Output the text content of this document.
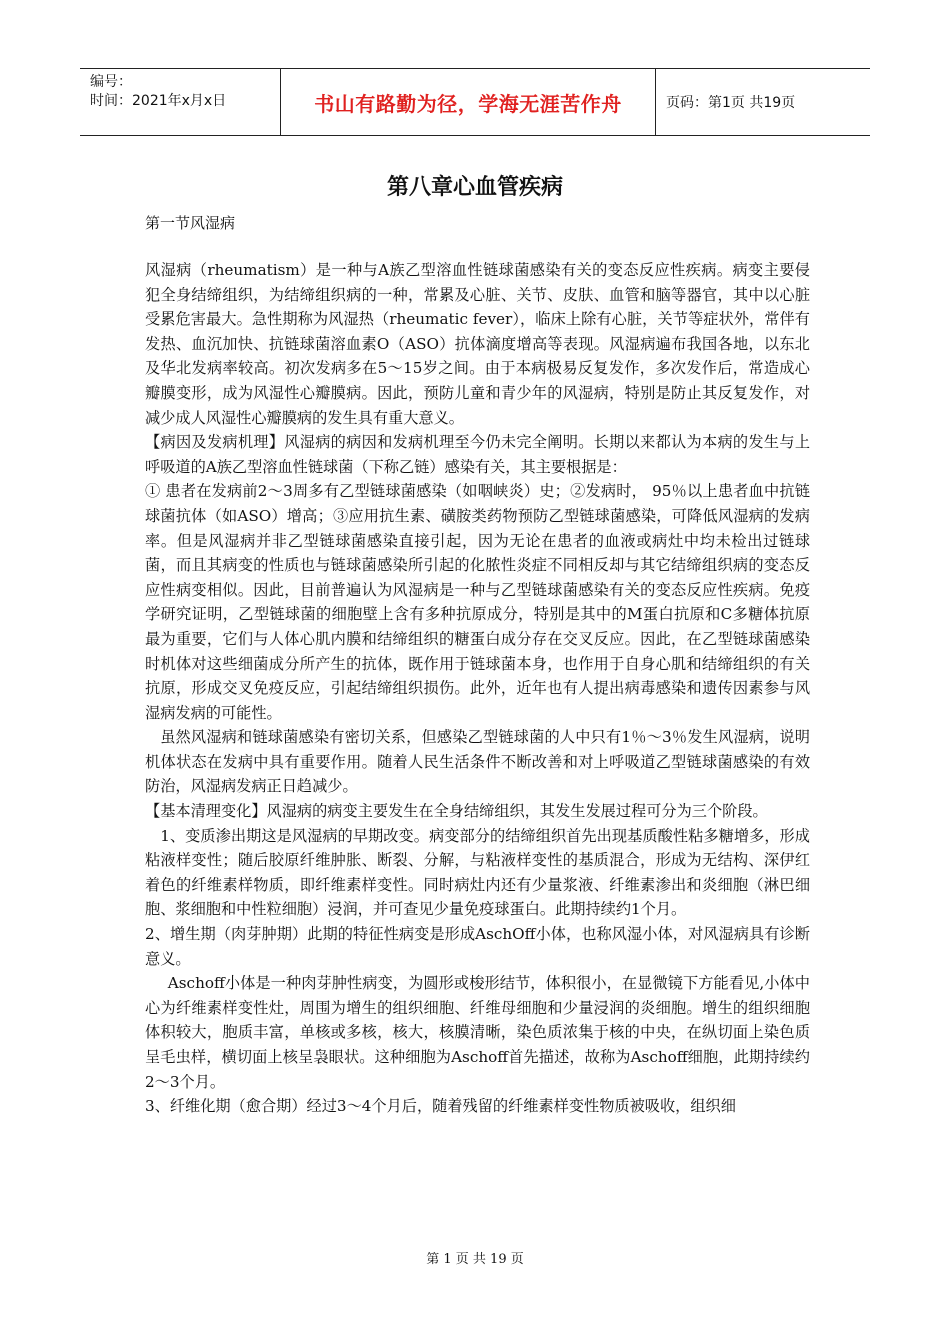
编号：
时间：2021年x月x日	书山有路勤为径，学海无涯苦作舟	页码：第1页 共19页
第八章心血管疾病
第一节风湿病

风湿病（rheumatism）是一种与A族乙型溶血性链球菌感染有关的变态反应性疾病。病变主要侵犯全身结缔组织，为结缔组织病的一种，常累及心脏、关节、皮肤、血管和脑等器官，其中以心脏受累危害最大。急性期称为风湿热（rheumatic fever），临床上除有心脏，关节等症状外，常伴有发热、血沉加快、抗链球菌溶血素O（ASO）抗体滴度增高等表现。风湿病遍布我国各地，以东北及华北发病率较高。初次发病多在5～15岁之间。由于本病极易反复发作，多次发作后，常造成心瓣膜变形，成为风湿性心瓣膜病。因此，预防儿童和青少年的风湿病，特别是防止其反复发作，对减少成人风湿性心瓣膜病的发生具有重大意义。

【病因及发病机理】风湿病的病因和发病机理至今仍未完全阐明。长期以来都认为本病的发生与上呼吸道的A族乙型溶血性链球菌（下称乙链）感染有关，其主要根据是：

① 患者在发病前2～3周多有乙型链球菌感染（如咽峡炎）史；②发病时， 95％以上患者血中抗链球菌抗体（如ASO）增高；③应用抗生素、磺胺类药物预防乙型链球菌感染，可降低风湿病的发病率。但是风湿病并非乙型链球菌感染直接引起，因为无论在患者的血液或病灶中均未检出过链球菌，而且其病变的性质也与链球菌感染所引起的化脓性炎症不同相反却与其它结缔组织病的变态反应性病变相似。因此，目前普遍认为风湿病是一种与乙型链球菌感染有关的变态反应性疾病。免疫学研究证明，乙型链球菌的细胞壁上含有多种抗原成分，特别是其中的M蛋白抗原和C多糖体抗原最为重要，它们与人体心肌内膜和结缔组织的糖蛋白成分存在交叉反应。因此，在乙型链球菌感染时机体对这些细菌成分所产生的抗体，既作用于链球菌本身，也作用于自身心肌和结缔组织的有关抗原，形成交叉免疫反应，引起结缔组织损伤。此外，近年也有人提出病毒感染和遗传因素参与风湿病发病的可能性。

虽然风湿病和链球菌感染有密切关系，但感染乙型链球菌的人中只有1％～3％发生风湿病，说明机体状态在发病中具有重要作用。随着人民生活条件不断改善和对上呼吸道乙型链球菌感染的有效防治，风湿病发病正日趋减少。

【基本清理变化】风湿病的病变主要发生在全身结缔组织，其发生发展过程可分为三个阶段。

1、变质渗出期这是风湿病的早期改变。病变部分的结缔组织首先出现基质酸性粘多糖增多，形成粘液样变性；随后胶原纤维肿胀、断裂、分解，与粘液样变性的基质混合，形成为无结构、深伊红着色的纤维素样物质，即纤维素样变性。同时病灶内还有少量浆液、纤维素渗出和炎细胞（淋巴细胞、浆细胞和中性粒细胞）浸润，并可查见少量免疫球蛋白。此期持续约1个月。

2、增生期（肉芽肿期）此期的特征性病变是形成AschOff小体，也称风湿小体，对风湿病具有诊断意义。

Aschoff小体是一种肉芽肿性病变，为圆形或梭形结节，体积很小，在显微镜下方能看见,小体中心为纤维素样变性灶，周围为增生的组织细胞、纤维母细胞和少量浸润的炎细胞。增生的组织细胞体积较大，胞质丰富，单核或多核，核大，核膜清晰，染色质浓集于核的中央，在纵切面上染色质呈毛虫样，横切面上核呈袅眼状。这种细胞为Aschoff首先描述，故称为Aschoff细胞，此期持续约2～3个月。

3、纤维化期（愈合期）经过3～4个月后，随着残留的纤维素样变性物质被吸收，组织细

第 1 页 共 19 页
